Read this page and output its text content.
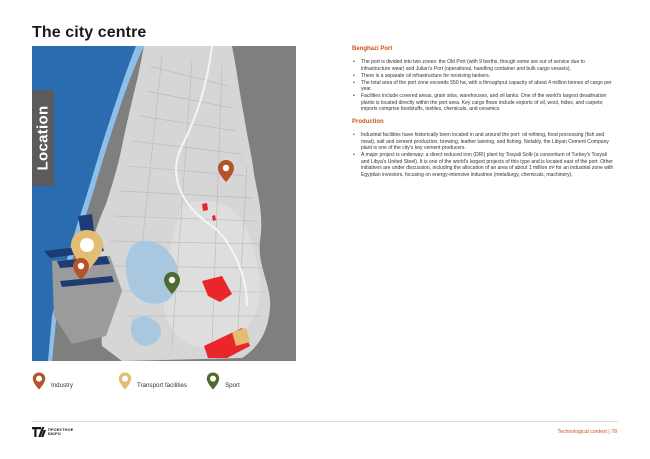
The city centre
Location
Industry	Transport facilities	Sport
Benghazi Port
• The port is divided into two zones: the Old Port (with 9 berths, though some are out of service due to infrastructure wear) and Julian's Port (operational, handling container and bulk cargo vessels).
• There is a separate oil infrastructure for receiving tankers.
• The total area of the port zone exceeds 550 ha, with a throughput capacity of about 4 million tonnes of cargo per year.
• Facilities include covered areas, grain silos, warehouses, and oil tanks. One of the world's largest desalination plants is located directly within the port area. Key cargo flows include exports of oil, wool, hides, and carpets; imports comprise foodstuffs, textiles, chemicals, and ceramics.
Production
• Industrial facilities have historically been located in and around the port: oil refining, food processing (fish and meat), salt and cement production, brewing, leather tanning, and fishing. Notably, the Libyan Cement Company plant is one of the city's key cement producers.
• A major project is underway: a direct reduced iron (DRI) plant by Tosyali Solb (a consortium of Turkey's Tosyali and Libya's United Steel). It is one of the world's largest projects of this type and is located east of the port. Other initiatives are under discussion, including the allocation of an area of about 1 million m² for an industrial zone with Egyptian investors, focusing on energy-intensive industries (metallurgy, chemicals, machinery).
ПРОЕКТНОЕ
БЮРО	Technological context | 78
